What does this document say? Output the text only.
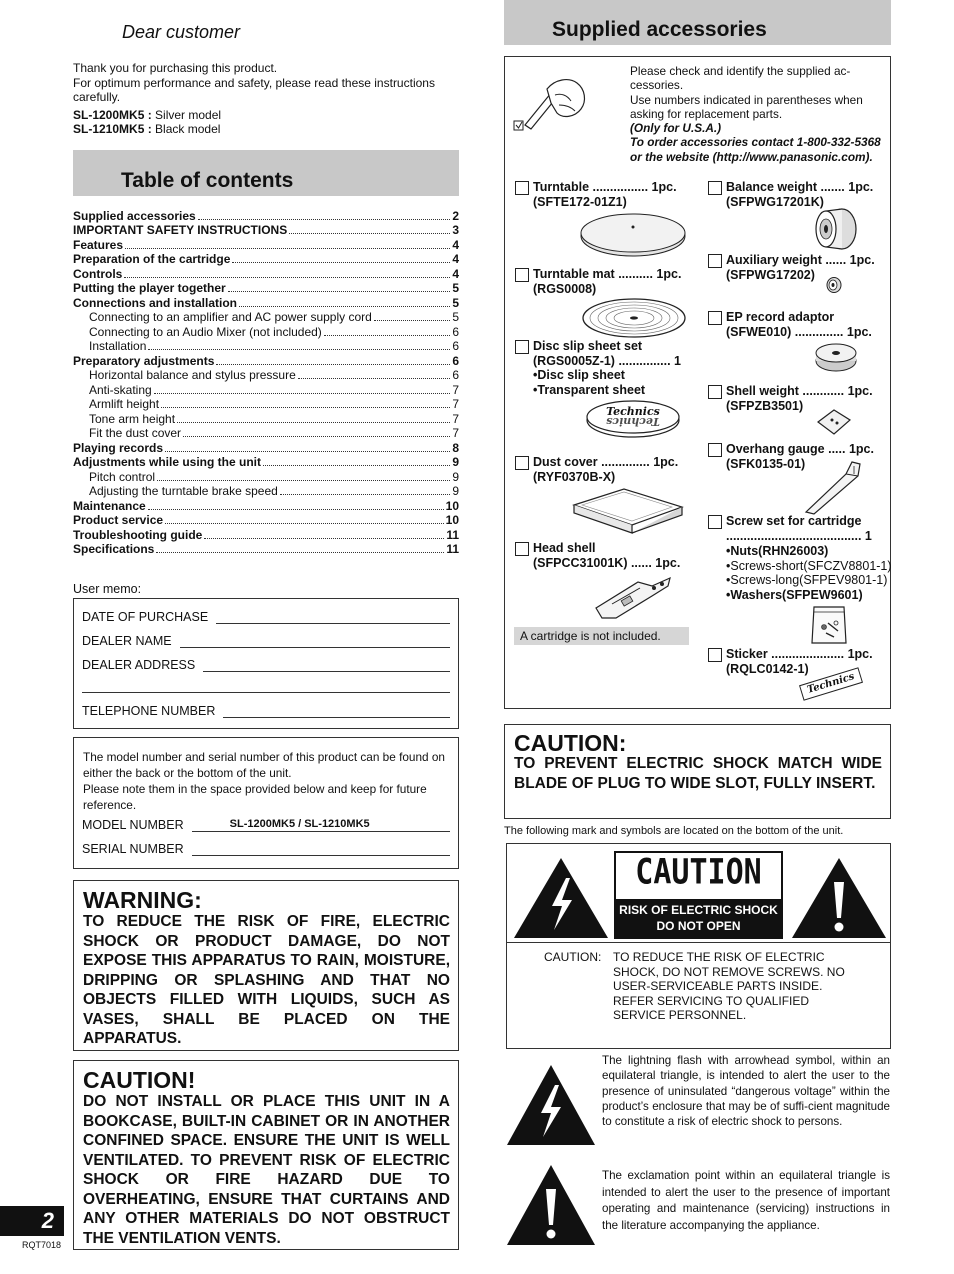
Dear customer
Thank you for purchasing this product.
For optimum performance and safety, please read these instructions carefully.
SL-1200MK5 : Silver model
SL-1210MK5 : Black model
Table of contents
Supplied accessories	2
IMPORTANT SAFETY INSTRUCTIONS	3
Features	4
Preparation of the cartridge	4
Controls	4
Putting the player together	5
Connections and installation	5
Connecting to an amplifier and AC power supply cord	5
Connecting to an Audio Mixer (not included)	6
Installation	6
Preparatory adjustments	6
Horizontal balance and stylus pressure	6
Anti-skating	7
Armlift height	7
Tone arm height	7
Fit the dust cover	7
Playing records	8
Adjustments while using the unit	9
Pitch control	9
Adjusting the turntable brake speed	9
Maintenance	10
Product service	10
Troubleshooting guide	11
Specifications	11
User memo:
DATE OF PURCHASE
DEALER NAME
DEALER ADDRESS
TELEPHONE NUMBER
The model number and serial number of this product can be found on either the back or the bottom of the unit.
Please note them in the space provided below and keep for future reference.
MODEL NUMBER	SL-1200MK5 / SL-1210MK5
SERIAL NUMBER
WARNING:
TO REDUCE THE RISK OF FIRE, ELECTRIC SHOCK OR PRODUCT DAMAGE, DO NOT EXPOSE THIS APPARATUS TO RAIN, MOISTURE, DRIPPING OR SPLASHING AND THAT NO OBJECTS FILLED WITH LIQUIDS, SUCH AS VASES, SHALL BE PLACED ON THE APPARATUS.
CAUTION!
DO NOT INSTALL OR PLACE THIS UNIT IN A BOOKCASE, BUILT-IN CABINET OR IN ANOTHER CONFINED SPACE. ENSURE THE UNIT IS WELL VENTILATED. TO PREVENT RISK OF ELECTRIC SHOCK OR FIRE HAZARD DUE TO OVERHEATING, ENSURE THAT CURTAINS AND ANY OTHER MATERIALS DO NOT OBSTRUCT THE VENTILATION VENTS.
2
RQT7018
Supplied accessories
Please check and identify the supplied ac-cessories.
Use numbers indicated in parentheses when asking for replacement parts.
(Only for U.S.A.)
To order accessories contact 1-800-332-5368 or the website (http://www.panasonic.com).
Turntable ................ 1pc.
(SFTE172-01Z1)
Turntable mat .......... 1pc.
(RGS0008)
Disc slip sheet set
(RGS0005Z-1) ............... 1
•Disc slip sheet
•Transparent sheet
Technics
Technics
Dust cover .............. 1pc.
(RYF0370B-X)
Head shell
(SFPCC31001K) ...... 1pc.
A cartridge is not included.
Balance weight ....... 1pc.
(SFPWG17201K)
Auxiliary weight ...... 1pc.
(SFPWG17202)
EP record adaptor
(SFWE010) .............. 1pc.
Shell weight ............ 1pc.
(SFPZB3501)
Overhang gauge ..... 1pc.
(SFK0135-01)
Screw set for cartridge
....................................... 1
•Nuts(RHN26003)
•Screws-short(SFCZV8801-1)
•Screws-long(SFPEV9801-1)
•Washers(SFPEW9601)
Sticker ..................... 1pc.
(RQLC0142-1)
Technics
CAUTION:
TO PREVENT ELECTRIC SHOCK MATCH WIDE BLADE OF PLUG TO WIDE SLOT, FULLY INSERT.
The following mark and symbols are located on the bottom of the unit.
CAUTION
RISK OF ELECTRIC SHOCK
DO NOT OPEN
CAUTION: TO REDUCE THE RISK OF ELECTRIC SHOCK, DO NOT REMOVE SCREWS. NO USER-SERVICEABLE PARTS INSIDE. REFER SERVICING TO QUALIFIED SERVICE PERSONNEL.
The lightning flash with arrowhead symbol, within an equilateral triangle, is intended to alert the user to the presence of uninsulated “dangerous voltage” within the product’s enclosure that may be of suffi-cient magnitude to constitute a risk of electric shock to persons.
The exclamation point within an equilateral triangle is intended to alert the user to the presence of important operating and maintenance (servicing) instructions in the literature accompanying the appliance.
